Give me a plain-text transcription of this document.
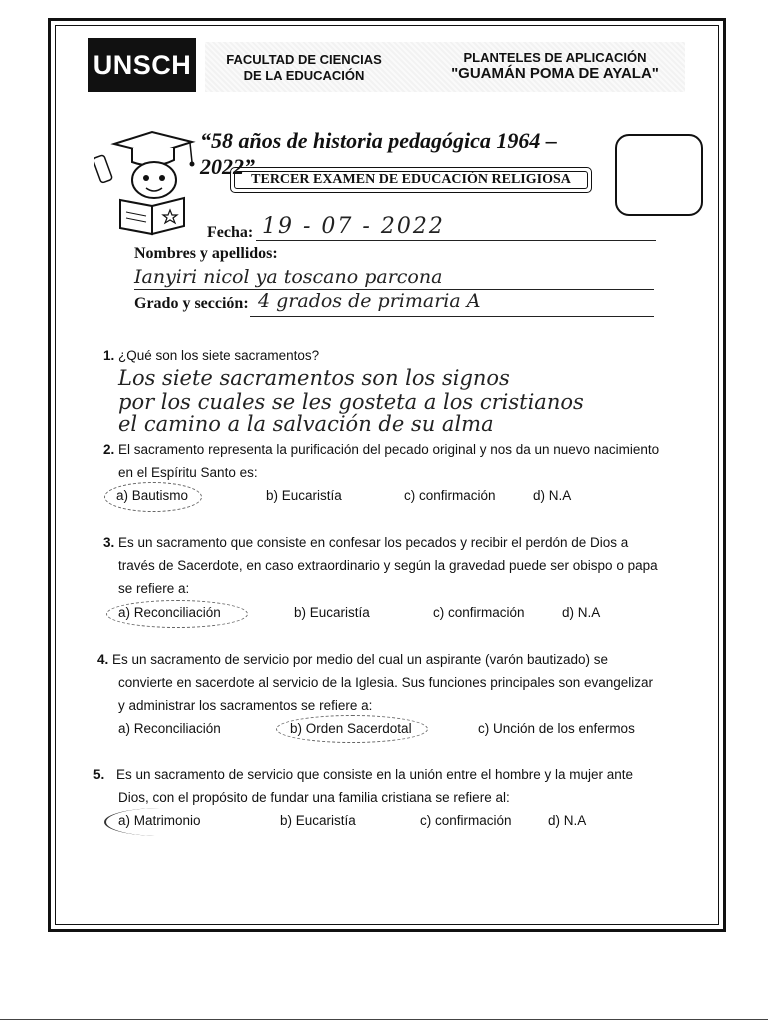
UNSCH	FACULTAD DE CIENCIAS
DE LA EDUCACIÓN
PLANTELES DE APLICACIÓN
"GUAMÁN POMA DE AYALA"
“58 años de historia pedagógica 1964 – 2022”
TERCER EXAMEN DE EDUCACIÓN RELIGIOSA
Fecha: 19 - 07 - 2022
Nombres y apellidos:
Ianyiri nicol ya toscano parcona
Grado y sección: 4 grados de primaria A
1. ¿Qué son los siete sacramentos?
Los siete sacramentos son los signos
por los cuales se les gosteta a los cristianos
el camino a la salvación de su alma
2. El sacramento representa la purificación del pecado original y nos da un nuevo nacimiento
en el Espíritu Santo es:
a) Bautismo	b) Eucaristía	c) confirmación	d) N.A
3. Es un sacramento que consiste en confesar los pecados y recibir el perdón de Dios a
través de Sacerdote, en caso extraordinario y según la gravedad puede ser obispo o papa
se refiere a:
a) Reconciliación	b) Eucaristía	c) confirmación	d) N.A
4. Es un sacramento de servicio por medio del cual un aspirante (varón bautizado) se
convierte en sacerdote al servicio de la Iglesia. Sus funciones principales son evangelizar
y administrar los sacramentos se refiere a:
a) Reconciliación	b) Orden Sacerdotal	c) Unción de los enfermos
5. Es un sacramento de servicio que consiste en la unión entre el hombre y la mujer ante
Dios, con el propósito de fundar una familia cristiana se refiere al:
a) Matrimonio	b) Eucaristía	c) confirmación	d) N.A
